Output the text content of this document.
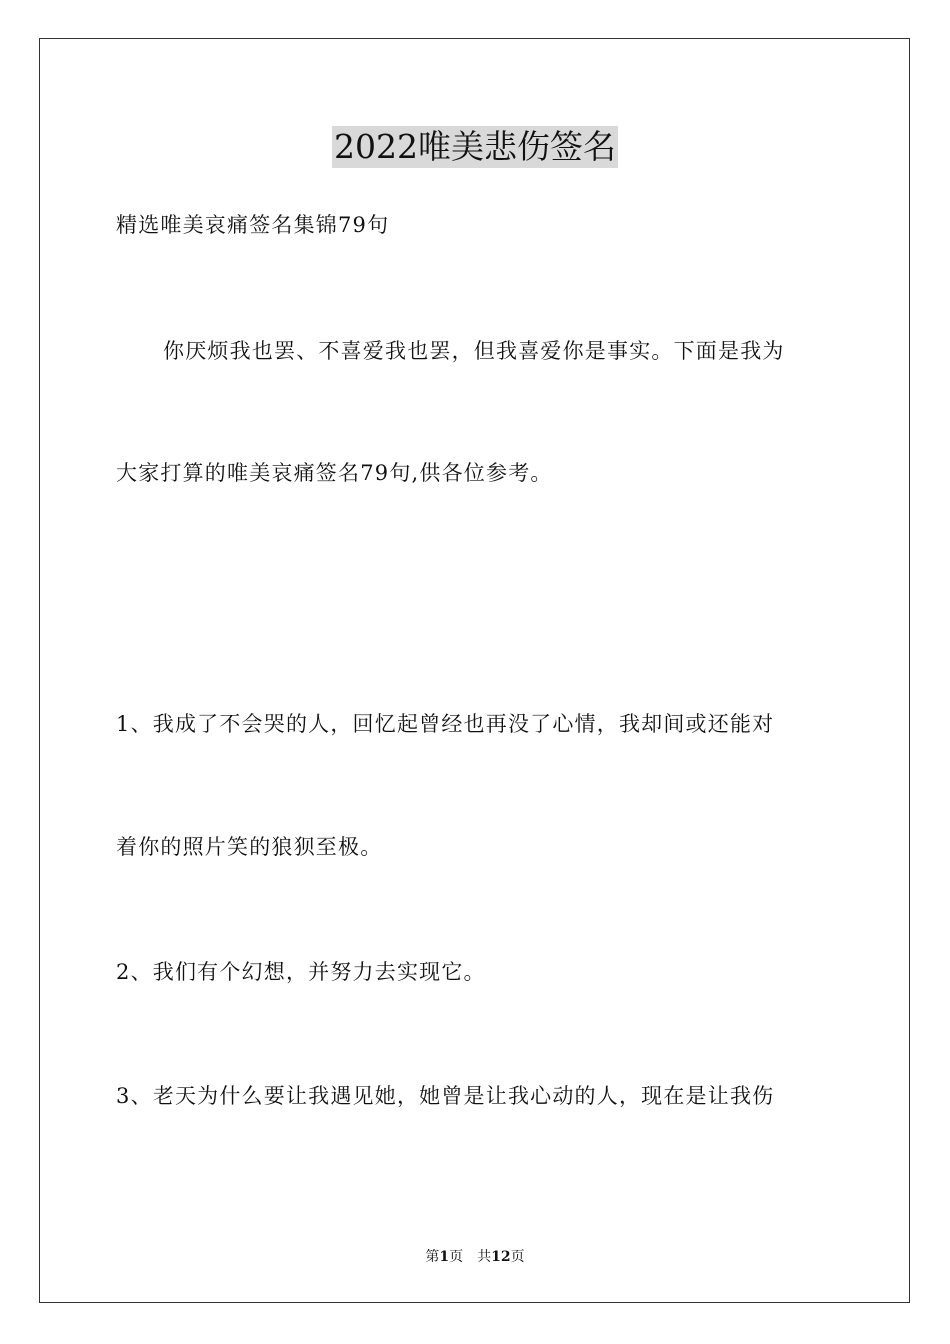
2022唯美悲伤签名
精选唯美哀痛签名集锦79句
你厌烦我也罢、不喜爱我也罢，但我喜爱你是事实。下面是我为
大家打算的唯美哀痛签名79句,供各位参考。
1、我成了不会哭的人，回忆起曾经也再没了心情，我却间或还能对
着你的照片笑的狼狈至极。
2、我们有个幻想，并努力去实现它。
3、老天为什么要让我遇见她，她曾是让我心动的人，现在是让我伤
第1页 共12页
